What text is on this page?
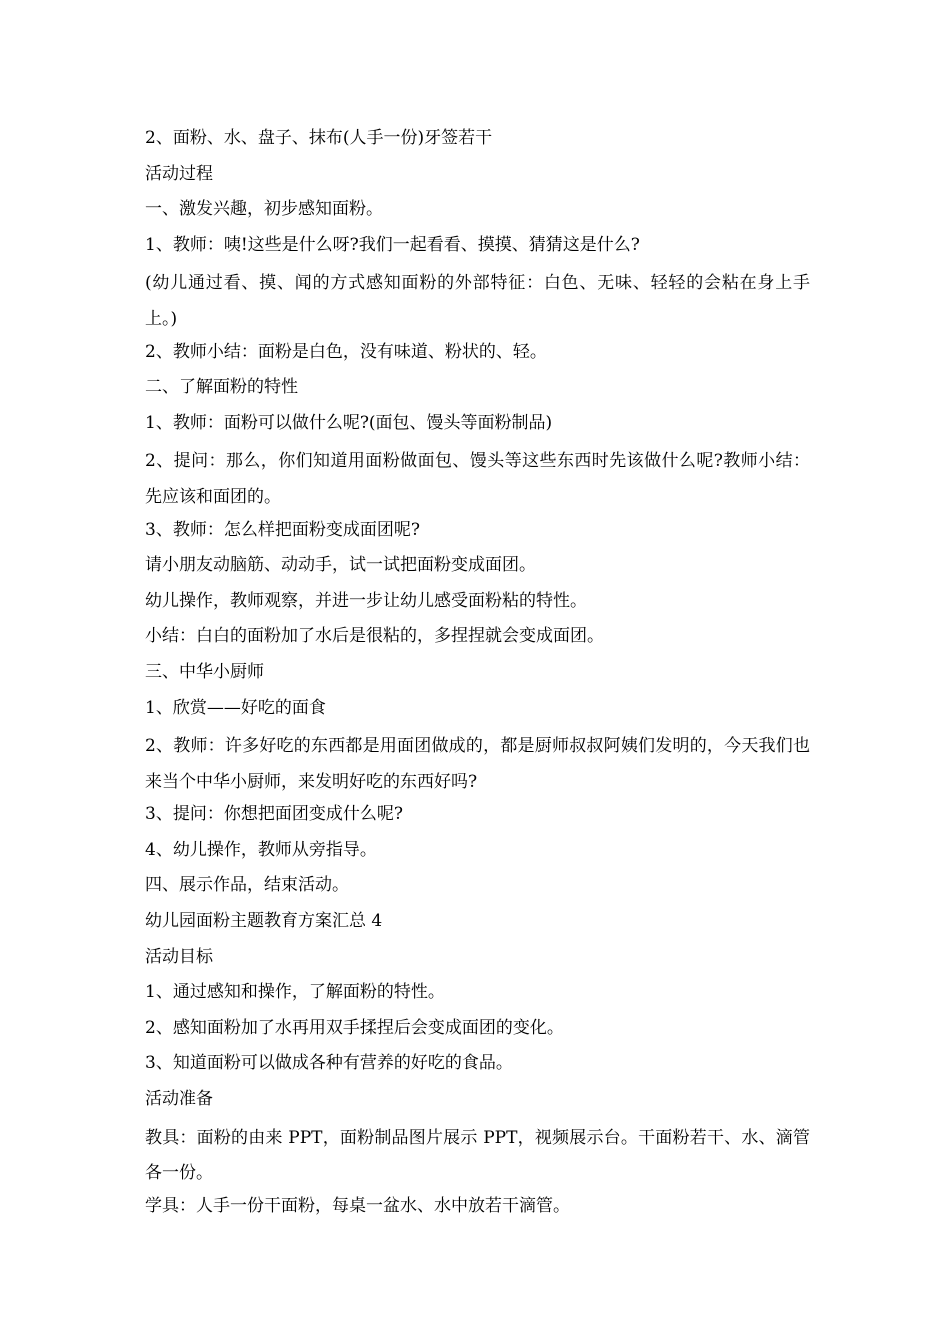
2、面粉、水、盘子、抹布(人手一份)牙签若干
活动过程
一、激发兴趣，初步感知面粉。
1、教师：咦!这些是什么呀?我们一起看看、摸摸、猜猜这是什么?
(幼儿通过看、摸、闻的方式感知面粉的外部特征：白色、无味、轻轻的会粘在身上手上。)
2、教师小结：面粉是白色，没有味道、粉状的、轻。
二、了解面粉的特性
1、教师：面粉可以做什么呢?(面包、馒头等面粉制品)
2、提问：那么，你们知道用面粉做面包、馒头等这些东西时先该做什么呢?教师小结：先应该和面团的。
3、教师：怎么样把面粉变成面团呢?
请小朋友动脑筋、动动手，试一试把面粉变成面团。
幼儿操作，教师观察，并进一步让幼儿感受面粉粘的特性。
小结：白白的面粉加了水后是很粘的，多捏捏就会变成面团。
三、中华小厨师
1、欣赏——好吃的面食
2、教师：许多好吃的东西都是用面团做成的，都是厨师叔叔阿姨们发明的，今天我们也来当个中华小厨师，来发明好吃的东西好吗?
3、提问：你想把面团变成什么呢?
4、幼儿操作，教师从旁指导。
四、展示作品，结束活动。
幼儿园面粉主题教育方案汇总 4
活动目标
1、通过感知和操作，了解面粉的特性。
2、感知面粉加了水再用双手揉捏后会变成面团的变化。
3、知道面粉可以做成各种有营养的好吃的食品。
活动准备
教具：面粉的由来 PPT，面粉制品图片展示 PPT，视频展示台。干面粉若干、水、滴管各一份。
学具：人手一份干面粉，每桌一盆水、水中放若干滴管。
